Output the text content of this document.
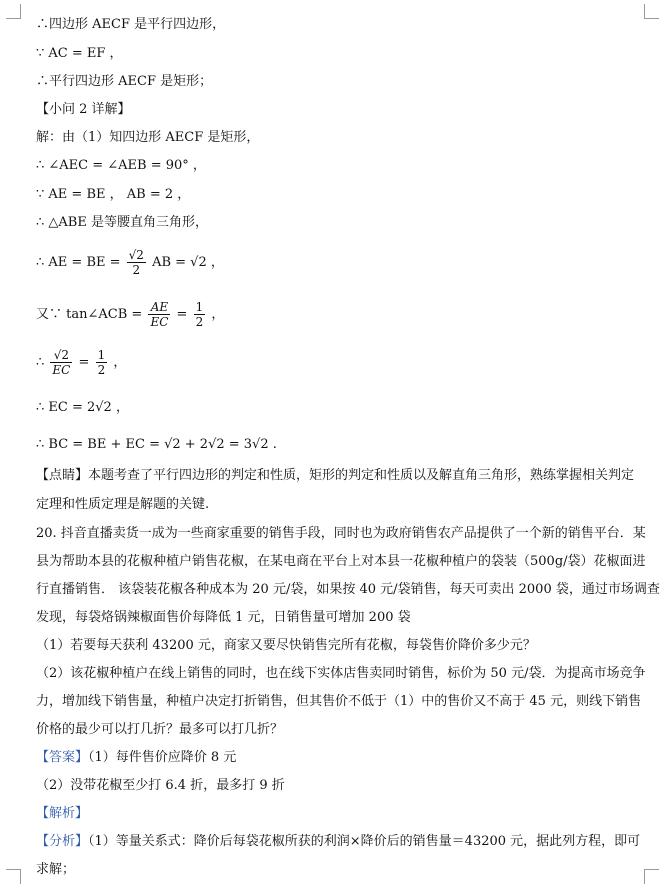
∴四边形 AECF 是平行四边形，
∵ AC = EF ，
∴平行四边形 AECF 是矩形；
【小问 2 详解】
解：由（1）知四边形 AECF 是矩形，
∴ ∠AEC = ∠AEB = 90° ，
∵ AE = BE ， AB = 2 ，
∴ △ABE 是等腰直角三角形，
∴ AE = BE = $\frac{√2}{2}$ AB = √2 ，
又∵ tan∠ACB = $\frac{AE}{EC} = \frac{1}{2}$ ，
∴ $\frac{√2}{EC} = \frac{1}{2}$ ，
∴ EC = 2√2 ，
∴ BC = BE + EC = √2 + 2√2 = 3√2 .
【点睛】本题考查了平行四边形的判定和性质，矩形的判定和性质以及解直角三角形，熟练掌握相关判定
定理和性质定理是解题的关键.
20. 抖音直播卖货一成为一些商家重要的销售手段，同时也为政府销售农产品提供了一个新的销售平台．某
县为帮助本县的花椒种植户销售花椒，在某电商在平台上对本县一花椒种植户的袋装（500g/袋）花椒面进
行直播销售． 该袋装花椒各种成本为 20 元/袋，如果按 40 元/袋销售，每天可卖出 2000 袋，通过市场调查
发现，每袋烙锅辣椒面售价每降低 1 元，日销售量可增加 200 袋
（1）若要每天获利 43200 元，商家又要尽快销售完所有花椒，每袋售价降价多少元？
（2）该花椒种植户在线上销售的同时，也在线下实体店售卖同时销售，标价为 50 元/袋．为提高市场竞争
力，增加线下销售量，种植户决定打折销售，但其售价不低于（1）中的售价又不高于 45 元，则线下销售
价格的最少可以打几折？最多可以打几折？
【答案】（1）每件售价应降价 8 元
（2）没带花椒至少打 6.4 折，最多打 9 折
【解析】
【分析】（1）等量关系式：降价后每袋花椒所获的利润×降价后的销售量＝43200 元，据此列方程，即可
求解；
